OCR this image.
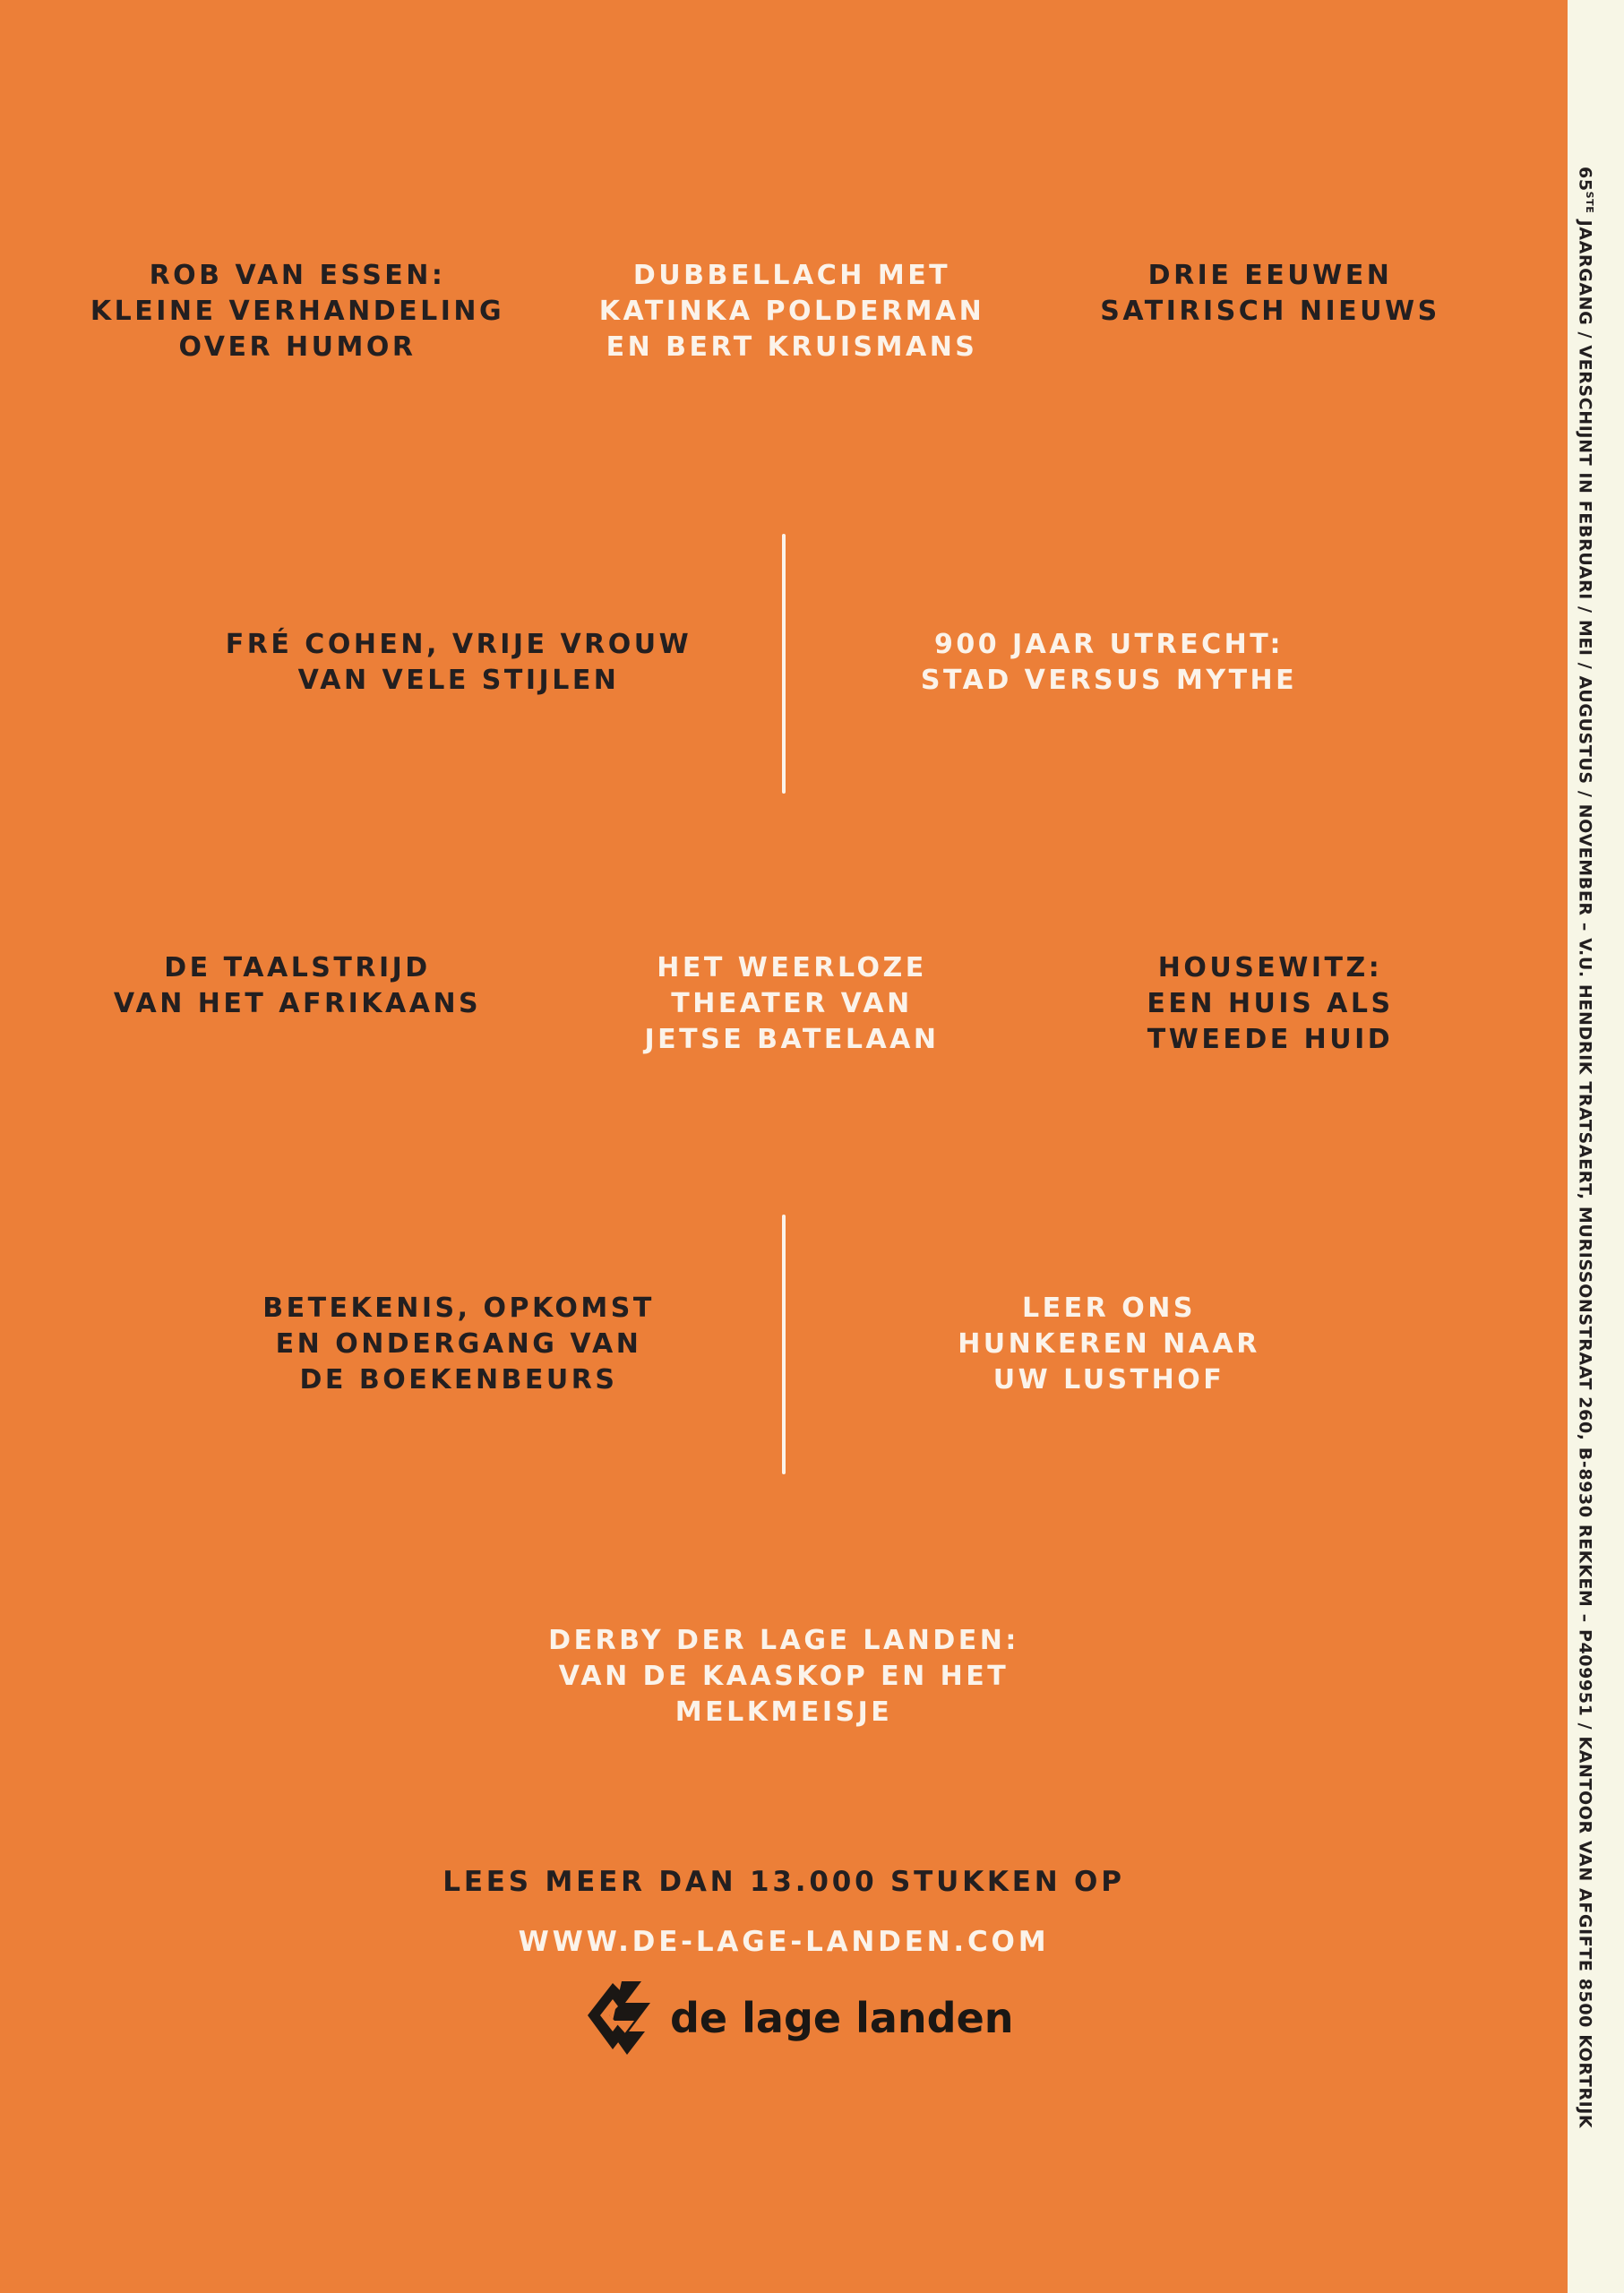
ROB VAN ESSEN:
KLEINE VERHANDELING
OVER HUMOR
DUBBELLACH MET
KATINKA POLDERMAN
EN BERT KRUISMANS
DRIE EEUWEN
SATIRISCH NIEUWS
FRÉ COHEN, VRIJE VROUW
VAN VELE STIJLEN
900 JAAR UTRECHT:
STAD VERSUS MYTHE
DE TAALSTRIJD
VAN HET AFRIKAANS
HET WEERLOZE
THEATER VAN
JETSE BATELAAN
HOUSEWITZ:
EEN HUIS ALS
TWEEDE HUID
BETEKENIS, OPKOMST
EN ONDERGANG VAN
DE BOEKENBEURS
LEER ONS
HUNKEREN NAAR
UW LUSTHOF
DERBY DER LAGE LANDEN:
VAN DE KAASKOP EN HET
MELKMEISJE
LEES MEER DAN 13.000 STUKKEN OP
WWW.DE-LAGE-LANDEN.COM
de lage landen
65STE JAARGANG / VERSCHIJNT IN FEBRUARI / MEI / AUGUSTUS / NOVEMBER – V.U. HENDRIK TRATSAERT, MURISSONSTRAAT 260, B-8930 REKKEM – P409951 / KANTOOR VAN AFGIFTE 8500 KORTRIJK
